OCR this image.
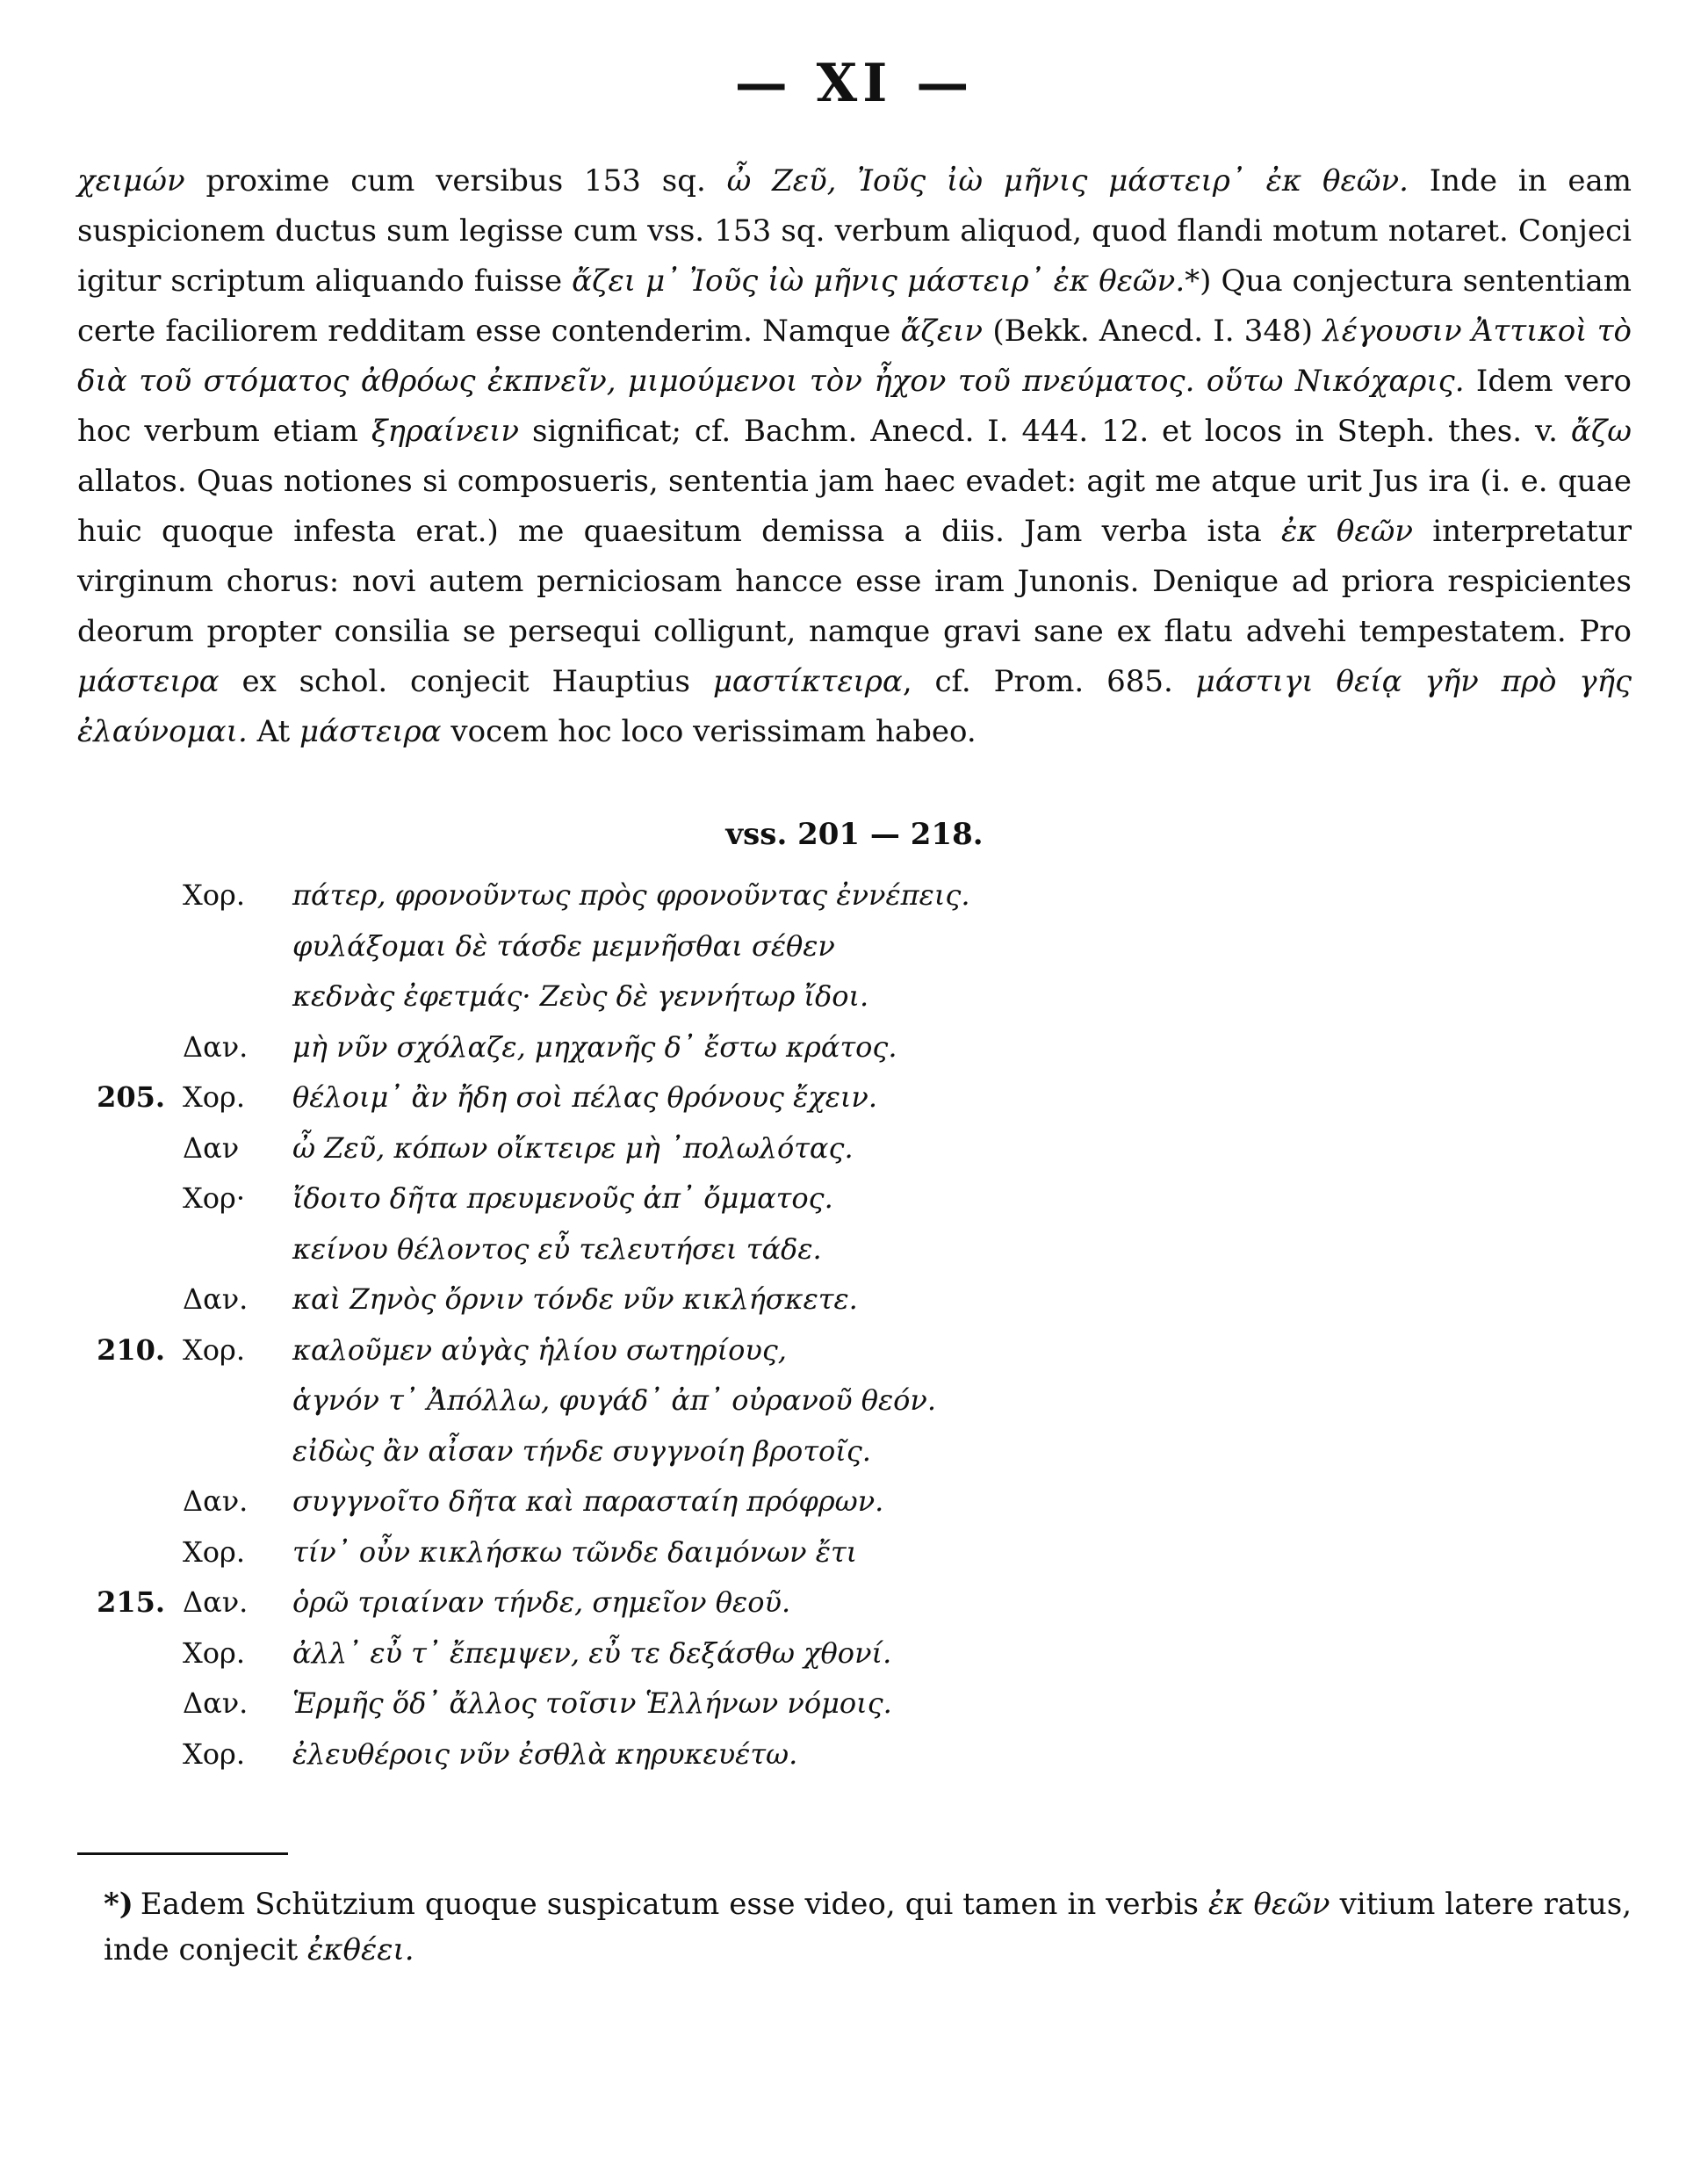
— XI —

χειμών proxime cum versibus 153 sq. ὦ Ζεῦ, Ἰοῦς ἰὼ μῆνις μάστειρ᾿ ἐκ θεῶν. Inde in eam suspicionem ductus sum legisse cum vss. 153 sq. verbum aliquod, quod flandi motum notaret. Conjeci igitur scriptum aliquando fuisse ἄζει μ᾿ Ἰοῦς ἰὼ μῆνις μάστειρ᾿ ἐκ θεῶν.*) Qua conjectura sententiam certe faciliorem redditam esse contenderim. Namque ἄζειν (Bekk. Anecd. I. 348) λέγουσιν Ἀττικοὶ τὸ διὰ τοῦ στόματος ἀθρόως ἐκπνεῖν, μιμούμενοι τὸν ἦχον τοῦ πνεύματος. οὕτω Νικόχαρις. Idem vero hoc verbum etiam ξηραίνειν significat; cf. Bachm. Anecd. I. 444. 12. et locos in Steph. thes. v. ἄζω allatos. Quas notiones si composueris, sententia jam haec evadet: agit me atque urit Jus ira (i. e. quae huic quoque infesta erat.) me quaesitum demissa a diis. Jam verba ista ἐκ θεῶν interpretatur virginum chorus: novi autem perniciosam hancce esse iram Junonis. Denique ad priora respicientes deorum propter consilia se persequi colligunt, namque gravi sane ex flatu advehi tempestatem. Pro μάστειρα ex schol. conjecit Hauptius μαστίκτειρα, cf. Prom. 685. μάστιγι θείᾳ γῆν πρὸ γῆς ἐλαύνομαι. At μάστειρα vocem hoc loco verissimam habeo.

vss. 201 — 218.
Χορ.	πάτερ, φρονοῦντως πρὸς φρονοῦντας ἐννέπεις.
φυλάξομαι δὲ τάσδε μεμνῆσθαι σέθεν
κεδνὰς ἐφετμάς· Ζεὺς δὲ γεννήτωρ ἴδοι.
Δαν.	μὴ νῦν σχόλαζε, μηχανῆς δ᾿ ἔστω κράτος.
205. Χορ.	θέλοιμ᾿ ἂν ἤδη σοὶ πέλας θρόνους ἔχειν.
Δαν	ὦ Ζεῦ, κόπων οἴκτειρε μὴ ᾿πολωλότας.
Χορ·	ἴδοιτο δῆτα πρευμενοῦς ἀπ᾿ ὄμματος.
κείνου θέλοντος εὖ τελευτήσει τάδε.
Δαν.	καὶ Ζηνὸς ὄρνιν τόνδε νῦν κικλήσκετε.
210. Χορ.	καλοῦμεν αὐγὰς ἡλίου σωτηρίους,
ἁγνόν τ᾿ Ἀπόλλω, φυγάδ᾿ ἀπ᾿ οὐρανοῦ θεόν.
εἰδὼς ἂν αἶσαν τήνδε συγγνοίη βροτοῖς.
Δαν.	συγγνοῖτο δῆτα καὶ παρασταίη πρόφρων.
Χορ.	τίν᾿ οὖν κικλήσκω τῶνδε δαιμόνων ἔτι
215. Δαν.	ὁρῶ τριαίναν τήνδε, σημεῖον θεοῦ.
Χορ.	ἀλλ᾿ εὖ τ᾿ ἔπεμψεν, εὖ τε δεξάσθω χθονί.
Δαν.	Ἑρμῆς ὅδ᾿ ἄλλος τοῖσιν Ἑλλήνων νόμοις.
Χορ.	ἐλευθέροις νῦν ἐσθλὰ κηρυκευέτω.
*) Eadem Schützium quoque suspicatum esse video, qui tamen in verbis ἐκ θεῶν vitium latere ratus, inde conjecit ἐκθέει.
